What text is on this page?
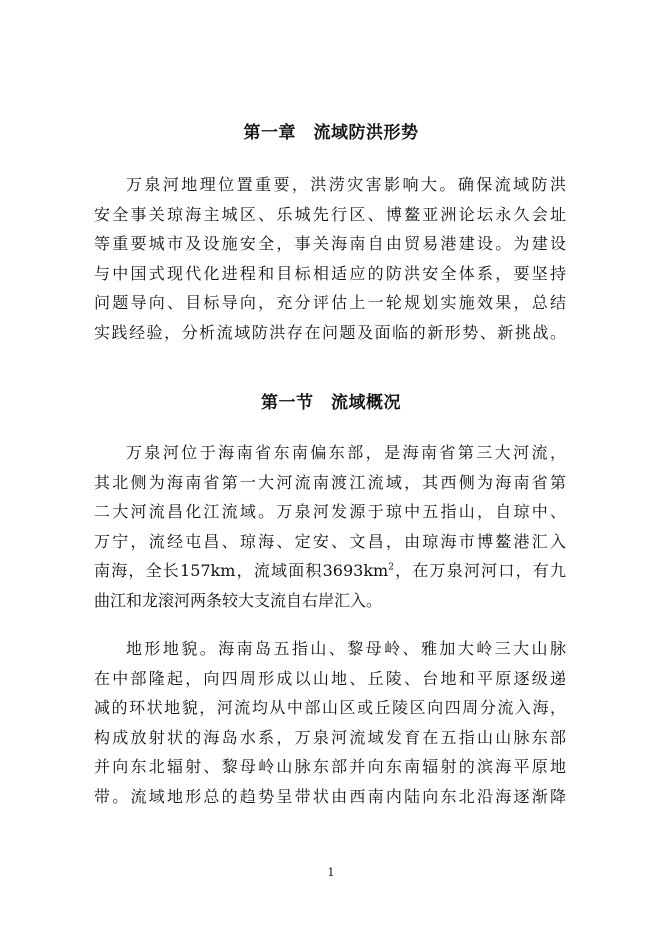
第一章　流域防洪形势
万泉河地理位置重要，洪涝灾害影响大。确保流域防洪
安全事关琼海主城区、乐城先行区、博鳌亚洲论坛永久会址
等重要城市及设施安全，事关海南自由贸易港建设。为建设
与中国式现代化进程和目标相适应的防洪安全体系，要坚持
问题导向、目标导向，充分评估上一轮规划实施效果，总结
实践经验，分析流域防洪存在问题及面临的新形势、新挑战。
第一节　流域概况
万泉河位于海南省东南偏东部，是海南省第三大河流，
其北侧为海南省第一大河流南渡江流域，其西侧为海南省第
二大河流昌化江流域。万泉河发源于琼中五指山，自琼中、
万宁，流经屯昌、琼海、定安、文昌，由琼海市博鳌港汇入
南海，全长157km，流域面积$3693km^2$，在万泉河河口，有九
曲江和龙滚河两条较大支流自右岸汇入。
地形地貌。海南岛五指山、黎母岭、雅加大岭三大山脉
在中部隆起，向四周形成以山地、丘陵、台地和平原逐级递
减的环状地貌，河流均从中部山区或丘陵区向四周分流入海，
构成放射状的海岛水系，万泉河流域发育在五指山山脉东部
并向东北辐射、黎母岭山脉东部并向东南辐射的滨海平原地
带。流域地形总的趋势呈带状由西南内陆向东北沿海逐渐降
1
